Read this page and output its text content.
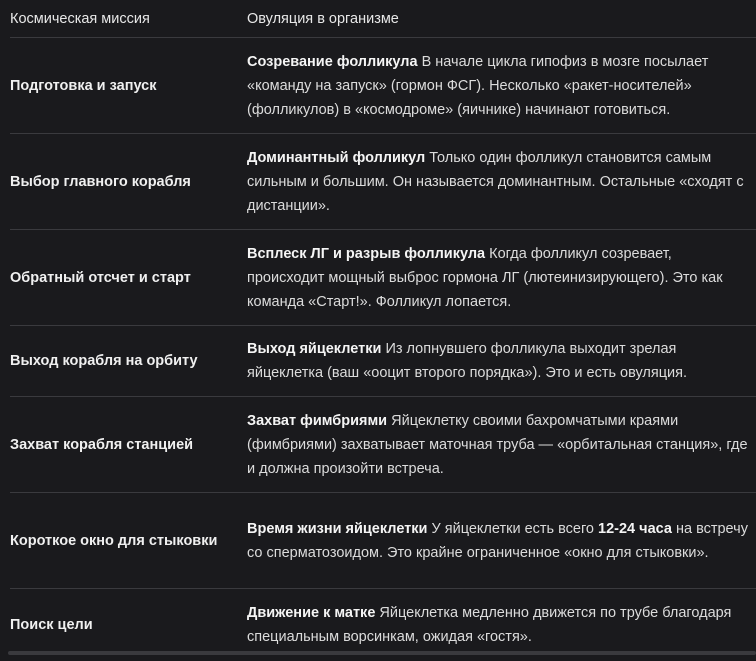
Космическая миссия	Овуляция в организме
Подготовка и запуск
Созревание фолликула В начале цикла гипофиз в мозге посылает «команду на запуск» (гормон ФСГ). Несколько «ракет-носителей» (фолликулов) в «космодроме» (яичнике) начинают готовиться.
Выбор главного корабля
Доминантный фолликул Только один фолликул становится самым сильным и большим. Он называется доминантным. Остальные «сходят с дистанции».
Обратный отсчет и старт
Всплеск ЛГ и разрыв фолликула Когда фолликул созревает, происходит мощный выброс гормона ЛГ (лютеинизирующего). Это как команда «Старт!». Фолликул лопается.
Выход корабля на орбиту
Выход яйцеклетки Из лопнувшего фолликула выходит зрелая яйцеклетка (ваш «ооцит второго порядка»). Это и есть овуляция.
Захват корабля станцией
Захват фимбриями Яйцеклетку своими бахромчатыми краями (фимбриями) захватывает маточная труба — «орбитальная станция», где и должна произойти встреча.
Короткое окно для стыковки
Время жизни яйцеклетки У яйцеклетки есть всего 12-24 часа на встречу со сперматозоидом. Это крайне ограниченное «окно для стыковки».
Поиск цели
Движение к матке Яйцеклетка медленно движется по трубе благодаря специальным ворсинкам, ожидая «гостя».
